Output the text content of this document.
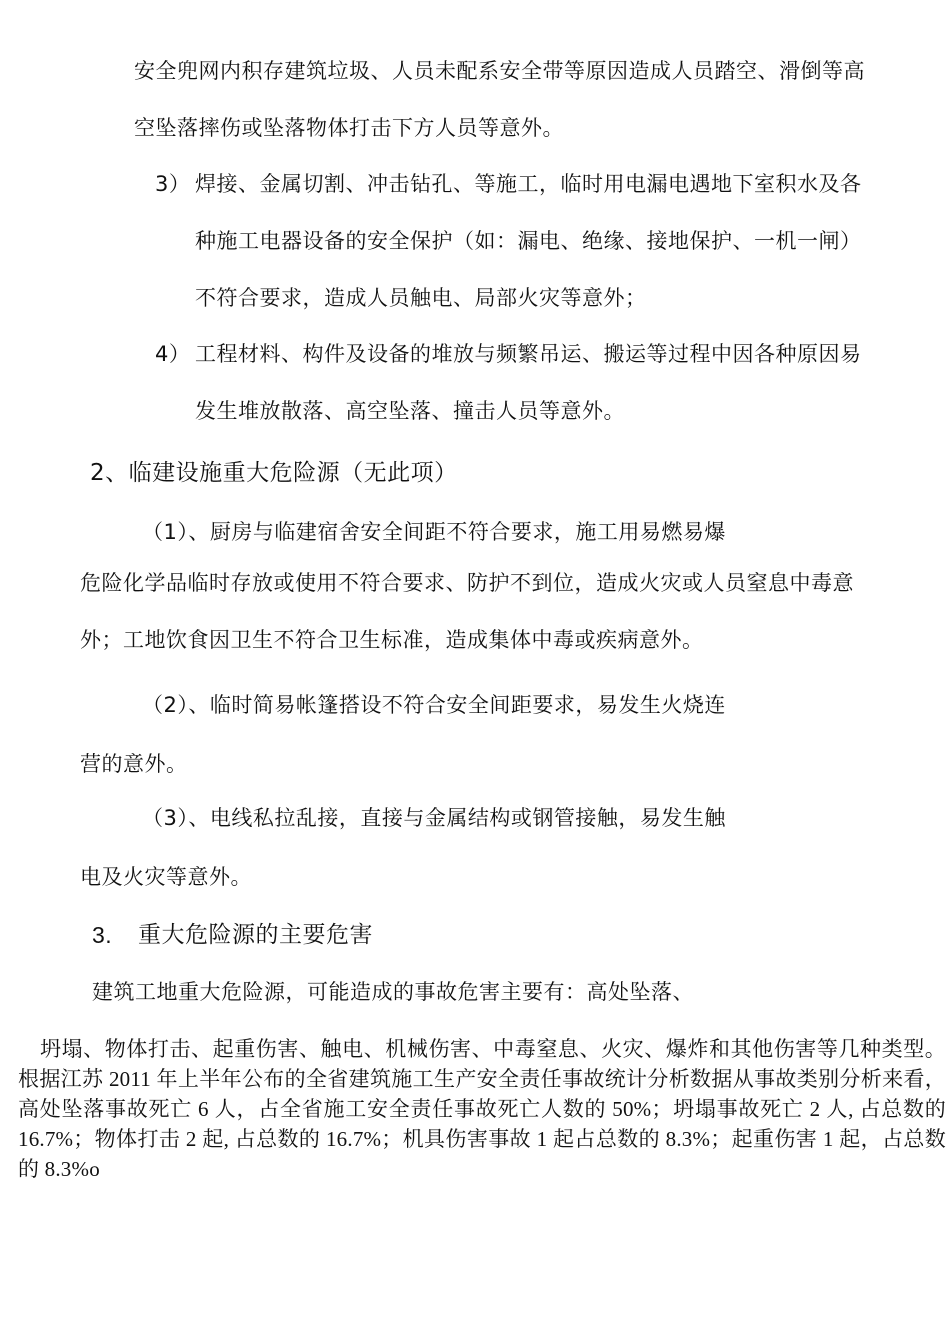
安全兜网内积存建筑垃圾、人员未配系安全带等原因造成人员踏空、滑倒等高
空坠落摔伤或坠落物体打击下方人员等意外。
3） 焊接、金属切割、冲击钻孔、等施工，临时用电漏电遇地下室积水及各
种施工电器设备的安全保护（如：漏电、绝缘、接地保护、一机一闸）
不符合要求，造成人员触电、局部火灾等意外；
4） 工程材料、构件及设备的堆放与频繁吊运、搬运等过程中因各种原因易
发生堆放散落、高空坠落、撞击人员等意外。
2、临建设施重大危险源（无此项）
（1）、厨房与临建宿舍安全间距不符合要求，施工用易燃易爆
危险化学品临时存放或使用不符合要求、防护不到位，造成火灾或人员窒息中毒意
外；工地饮食因卫生不符合卫生标准，造成集体中毒或疾病意外。
（2）、临时简易帐篷搭设不符合安全间距要求，易发生火烧连
营的意外。
（3）、电线私拉乱接，直接与金属结构或钢管接触，易发生触
电及火灾等意外。
3. 重大危险源的主要危害
建筑工地重大危险源，可能造成的事故危害主要有：高处坠落、
坍塌、物体打击、起重伤害、触电、机械伤害、中毒窒息、火灾、爆炸和其他伤害等几种类型。根据江苏 2011 年上半年公布的全省建筑施工生产安全责任事故统计分析数据从事故类别分析来看，高处坠落事故死亡 6 人，占全省施工安全责任事故死亡人数的 50%；坍塌事故死亡 2 人, 占总数的 16.7%；物体打击 2 起, 占总数的 16.7%；机具伤害事故 1 起占总数的 8.3%；起重伤害 1 起，占总数的 8.3%o
